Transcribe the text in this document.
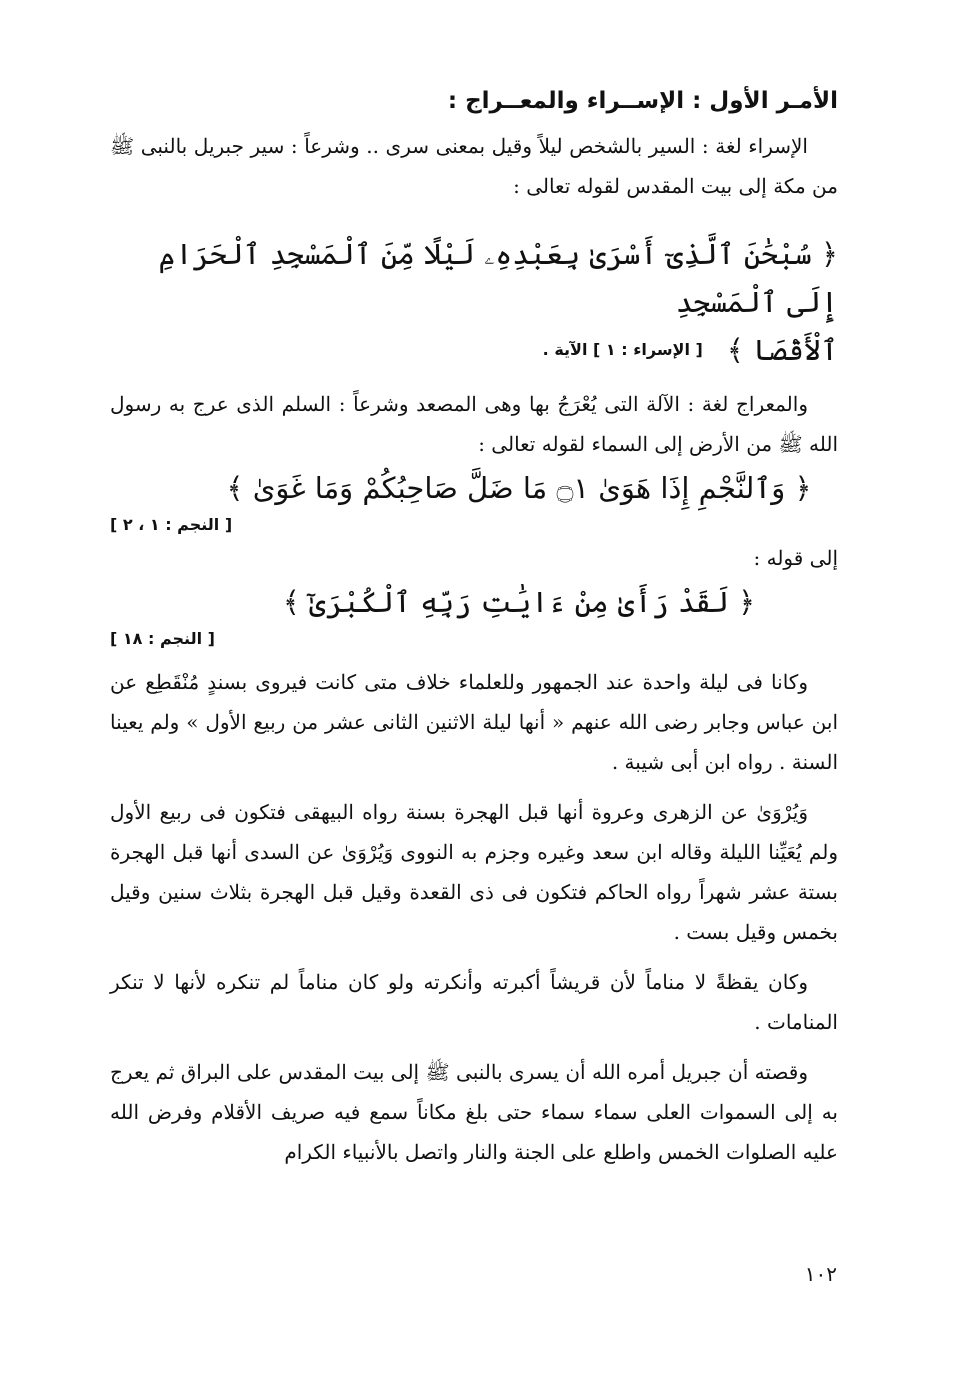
الأمـر الأول : الإســراء والمعــراج :

الإسراء لغة : السير بالشخص ليلاً وقيل بمعنى سرى .. وشرعاً : سير جبريل بالنبى ﷺ من مكة إلى بيت المقدس لقوله تعالى :

﴿ سُبْحَٰنَ ٱلَّذِىٓ أَسْرَىٰ بِعَبْدِهِۦ لَيْلًا مِّنَ ٱلْمَسْجِدِ ٱلْحَرَامِ إِلَى ٱلْمَسْجِدِ
ٱلْأَقْصَا ﴾
[ الإسراء : ١ ] الآية .

والمعراج لغة : الآلة التى يُعْرَجُ بها وهى المصعد وشرعاً : السلم الذى عرج به رسول الله ﷺ من الأرض إلى السماء لقوله تعالى :

﴿ وَٱلنَّجْمِ إِذَا هَوَىٰ ۝١ مَا ضَلَّ صَاحِبُكُمْ وَمَا غَوَىٰ ﴾
[ النجم : ١ ، ٢ ]
إلى قوله :
﴿ لَقَدْ رَأَىٰ مِنْ ءَايَٰتِ رَبِّهِ ٱلْكُبْرَىٰٓ ﴾
[ النجم : ١٨ ]

وكانا فى ليلة واحدة عند الجمهور وللعلماء خلاف متى كانت فيروى بسندٍ مُنْقَطِع عن ابن عباس وجابر رضى الله عنهم « أنها ليلة الاثنين الثانى عشر من ربيع الأول » ولم يعينا السنة . رواه ابن أبى شيبة .

وَيُرْوَىٰ عن الزهرى وعروة أنها قبل الهجرة بسنة رواه البيهقى فتكون فى ربيع الأول ولم يُعَيِّنا الليلة وقاله ابن سعد وغيره وجزم به النووى وَيُرْوَىٰ عن السدى أنها قبل الهجرة بستة عشر شهراً رواه الحاكم فتكون فى ذى القعدة وقيل قبل الهجرة بثلاث سنين وقيل بخمس وقيل بست .

وكان يقظةً لا مناماً لأن قريشاً أكبرته وأنكرته ولو كان مناماً لم تنكره لأنها لا تنكر المنامات .

وقصته أن جبريل أمره الله أن يسرى بالنبى ﷺ إلى بيت المقدس على البراق ثم يعرج به إلى السموات العلى سماء سماء حتى بلغ مكاناً سمع فيه صريف الأقلام وفرض الله عليه الصلوات الخمس واطلع على الجنة والنار واتصل بالأنبياء الكرام

١٠٢
